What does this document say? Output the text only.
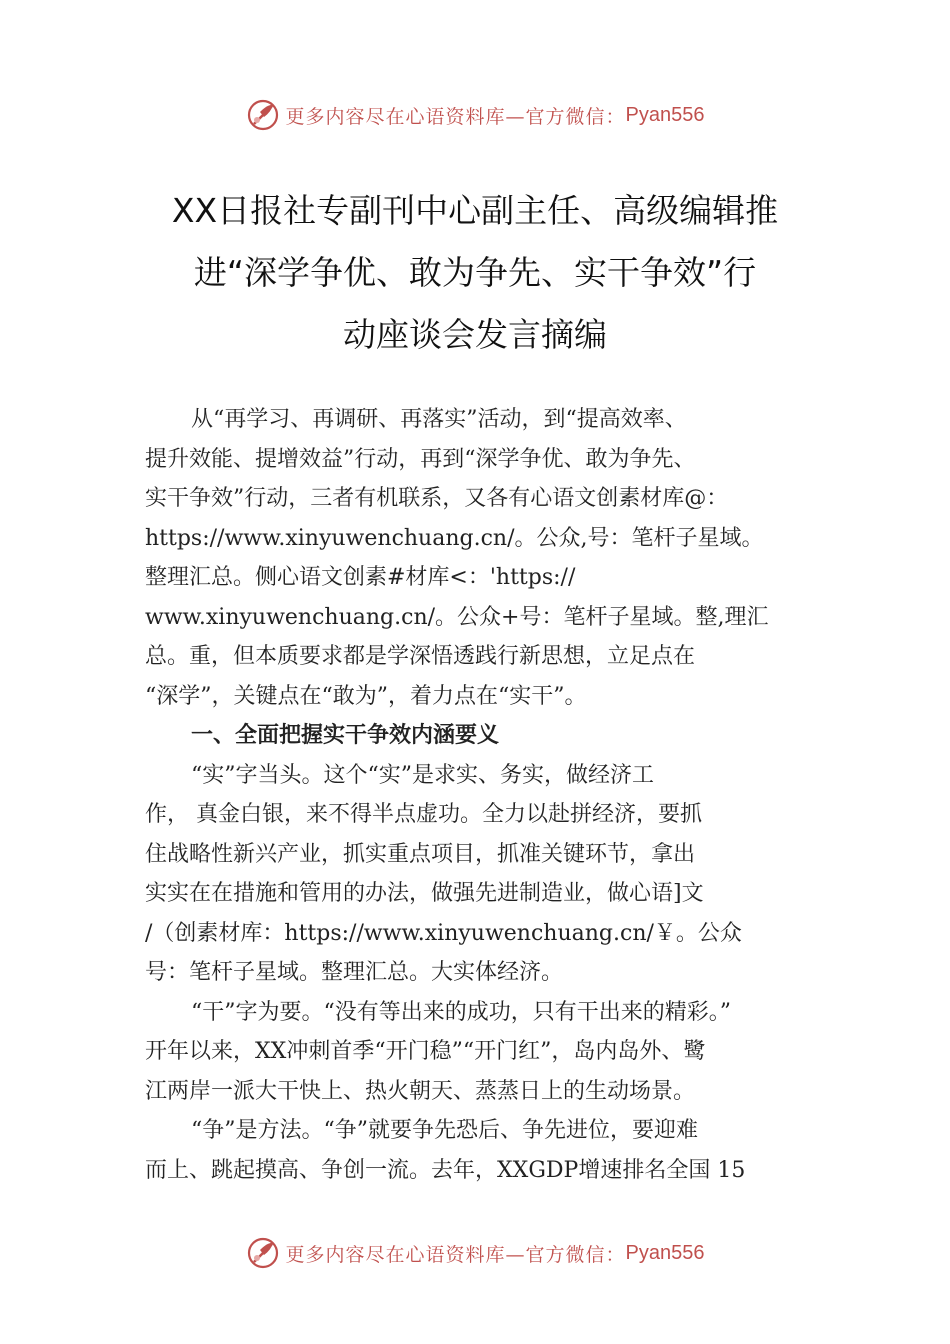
更多内容尽在心语资料库—官方微信： Pyan556
XX日报社专副刊中心副主任、高级编辑推
进“深学争优、敢为争先、实干争效”行
动座谈会发言摘编
从“再学习、再调研、再落实”活动，到“提高效率、
提升效能、提增效益”行动，再到“深学争优、敢为争先、
实干争效”行动，三者有机联系，又各有心语文创素材库@：
https://www.xinyuwenchuang.cn/。公众,号：笔杆子星域。
整理汇总。侧心语文创素#材库<：'https://
www.xinyuwenchuang.cn/。公众+号：笔杆子星域。整,理汇
总。重，但本质要求都是学深悟透践行新思想，立足点在
“深学”，关键点在“敢为”，着力点在“实干”。
一、全面把握实干争效内涵要义
“实”字当头。这个“实”是求实、务实，做经济工
作， 真金白银，来不得半点虚功。全力以赴拼经济，要抓
住战略性新兴产业，抓实重点项目，抓准关键环节，拿出
实实在在措施和管用的办法，做强先进制造业，做心语]文
/（创素材库：https://www.xinyuwenchuang.cn/￥。公众
号：笔杆子星域。整理汇总。大实体经济。
“干”字为要。“没有等出来的成功，只有干出来的精彩。”
开年以来，XX冲刺首季“开门稳”“开门红”，岛内岛外、鹭
江两岸一派大干快上、热火朝天、蒸蒸日上的生动场景。
“争”是方法。“争”就要争先恐后、争先进位，要迎难
而上、跳起摸高、争创一流。去年，XXGDP增速排名全国 15
更多内容尽在心语资料库—官方微信： Pyan556
